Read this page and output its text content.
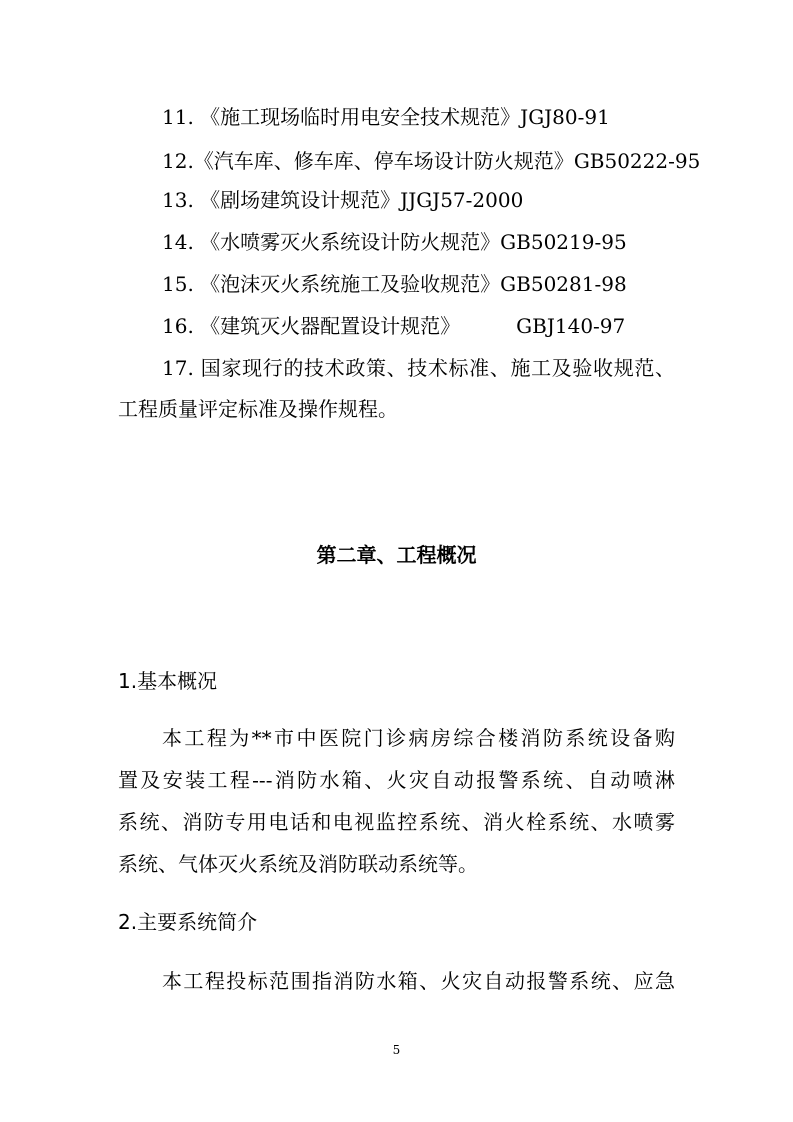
11. 《施工现场临时用电安全技术规范》JGJ80-91
12.《汽车库、修车库、停车场设计防火规范》GB50222-95
13. 《剧场建筑设计规范》JJGJ57-2000
14. 《水喷雾灭火系统设计防火规范》GB50219-95
15. 《泡沫灭火系统施工及验收规范》GB50281-98
16. 《建筑灭火器配置设计规范》	GBJ140-97
17. 国家现行的技术政策、技术标准、施工及验收规范、
工程质量评定标准及操作规程。
第二章、工程概况
1.基本概况
本工程为**市中医院门诊病房综合楼消防系统设备购
置及安装工程---消防水箱、火灾自动报警系统、自动喷淋
系统、消防专用电话和电视监控系统、消火栓系统、水喷雾
系统、气体灭火系统及消防联动系统等。
2.主要系统简介
本工程投标范围指消防水箱、火灾自动报警系统、应急
5
